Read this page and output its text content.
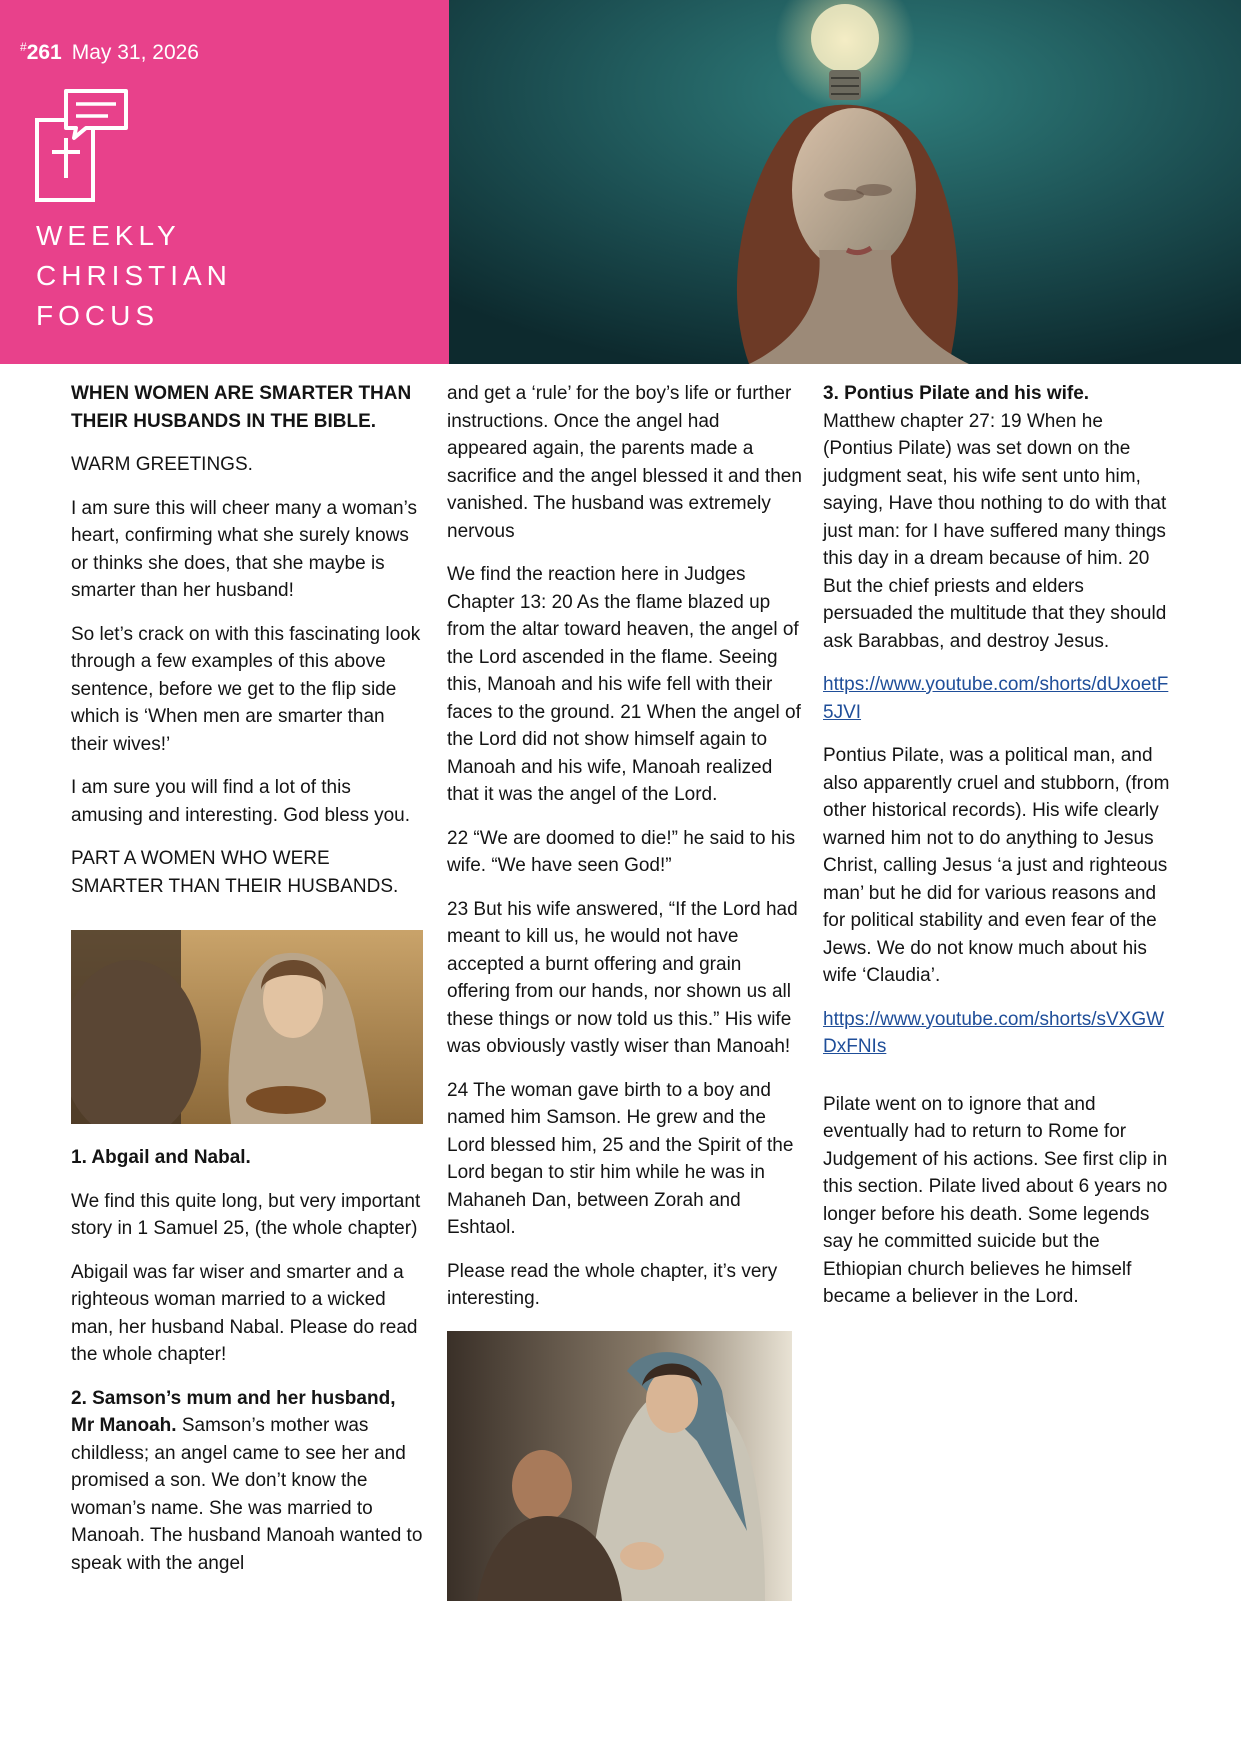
#261 May 31, 2026
WEEKLY
CHRISTIAN
FOCUS

WHEN WOMEN ARE SMARTER THAN THEIR HUSBANDS IN THE BIBLE.

WARM GREETINGS.

I am sure this will cheer many a woman’s heart, confirming what she surely knows or thinks she does, that she maybe is smarter than her husband!

So let’s crack on with this fascinating look through a few examples of this above sentence, before we get to the flip side which is ‘When men are smarter than their wives!’

I am sure you will find a lot of this amusing and interesting. God bless you.

PART A WOMEN WHO WERE SMARTER THAN THEIR HUSBANDS.

1. Abgail and Nabal.

We find this quite long, but very important story in 1 Samuel 25, (the whole chapter)

Abigail was far wiser and smarter and a righteous woman married to a wicked man, her husband Nabal. Please do read the whole chapter!

2. Samson’s mum and her husband, Mr Manoah. Samson’s mother was childless; an angel came to see her and promised a son. We don’t know the woman’s name. She was married to Manoah. The husband Manoah wanted to speak with the angel

and get a ‘rule’ for the boy’s life or further instructions. Once the angel had appeared again, the parents made a sacrifice and the angel blessed it and then vanished. The husband was extremely nervous

We find the reaction here in Judges Chapter 13: 20 As the flame blazed up from the altar toward heaven, the angel of the Lord ascended in the flame. Seeing this, Manoah and his wife fell with their faces to the ground. 21 When the angel of the Lord did not show himself again to Manoah and his wife, Manoah realized that it was the angel of the Lord.

22 “We are doomed to die!” he said to his wife. “We have seen God!”

23 But his wife answered, “If the Lord had meant to kill us, he would not have accepted a burnt offering and grain offering from our hands, nor shown us all these things or now told us this.” His wife was obviously vastly wiser than Manoah!

24 The woman gave birth to a boy and named him Samson. He grew and the Lord blessed him, 25 and the Spirit of the Lord began to stir him while he was in Mahaneh Dan, between Zorah and Eshtaol.

Please read the whole chapter, it’s very interesting.

3. Pontius Pilate and his wife.
Matthew chapter 27: 19 When he (Pontius Pilate) was set down on the judgment seat, his wife sent unto him, saying, Have thou nothing to do with that just man: for I have suffered many things this day in a dream because of him. 20 But the chief priests and elders persuaded the multitude that they should ask Barabbas, and destroy Jesus.

https://www.youtube.com/shorts/dUxoetF5JVI

Pontius Pilate, was a political man, and also apparently cruel and stubborn, (from other historical records). His wife clearly warned him not to do anything to Jesus Christ, calling Jesus ‘a just and righteous man’ but he did for various reasons and for political stability and even fear of the Jews. We do not know much about his wife ‘Claudia’.

https://www.youtube.com/shorts/sVXGWDxFNIs

Pilate went on to ignore that and eventually had to return to Rome for Judgement of his actions. See first clip in this section. Pilate lived about 6 years no longer before his death. Some legends say he committed suicide but the Ethiopian church believes he himself became a believer in the Lord.
